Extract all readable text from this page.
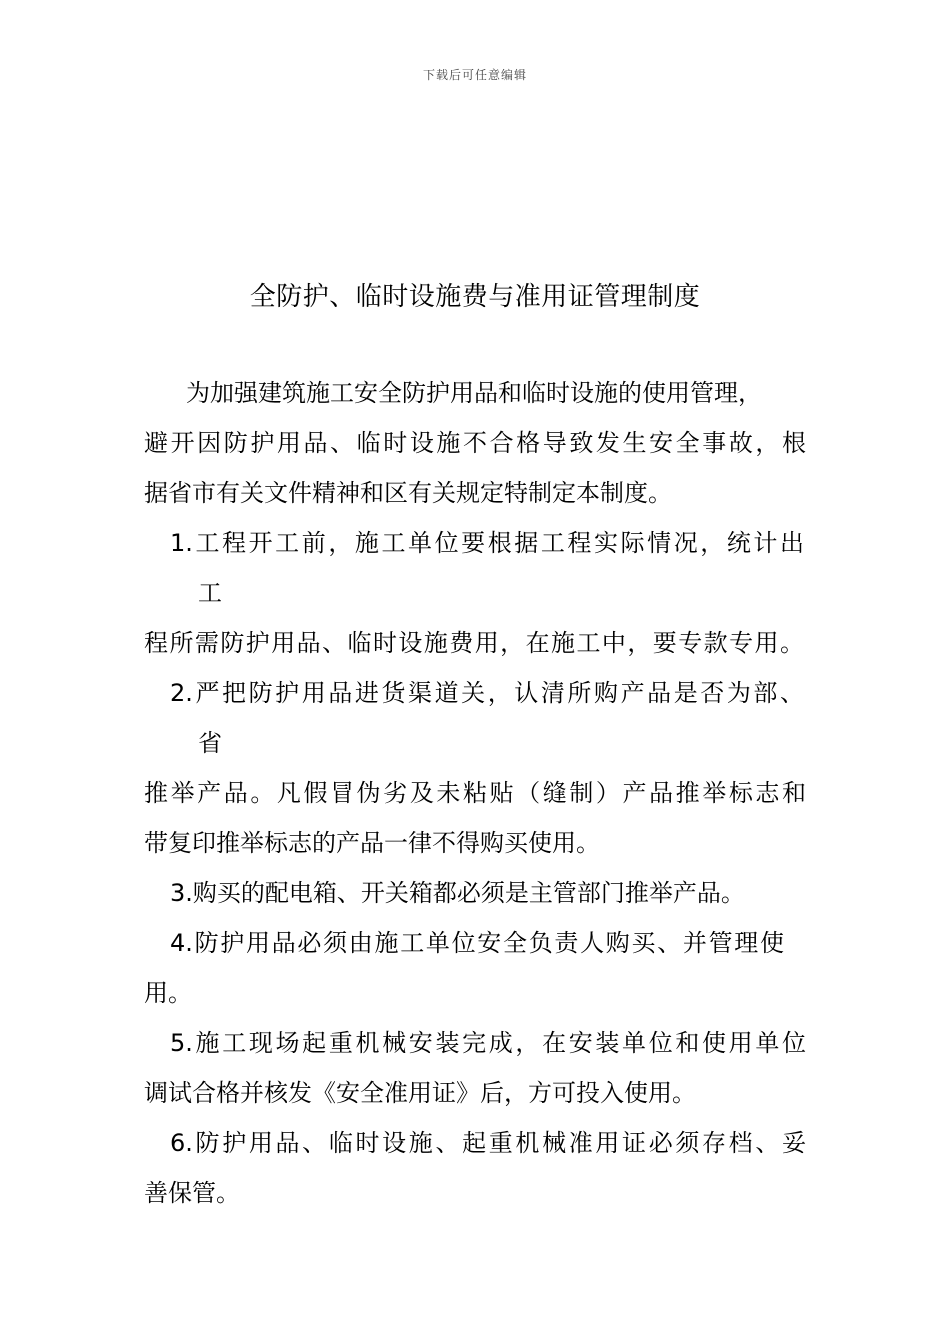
下载后可任意编辑
全防护、临时设施费与准用证管理制度
为加强建筑施工安全防护用品和临时设施的使用管理，
避开因防护用品、临时设施不合格导致发生安全事故，根
据省市有关文件精神和区有关规定特制定本制度。
1.工程开工前，施工单位要根据工程实际情况，统计出
工
程所需防护用品、临时设施费用，在施工中，要专款专用。
2.严把防护用品进货渠道关，认清所购产品是否为部、
省
推举产品。凡假冒伪劣及未粘贴（缝制）产品推举标志和
带复印推举标志的产品一律不得购买使用。
3.购买的配电箱、开关箱都必须是主管部门推举产品。
4.防护用品必须由施工单位安全负责人购买、并管理使
用。
5.施工现场起重机械安装完成，在安装单位和使用单位
调试合格并核发《安全准用证》后，方可投入使用。
6.防护用品、临时设施、起重机械准用证必须存档、妥
善保管。
